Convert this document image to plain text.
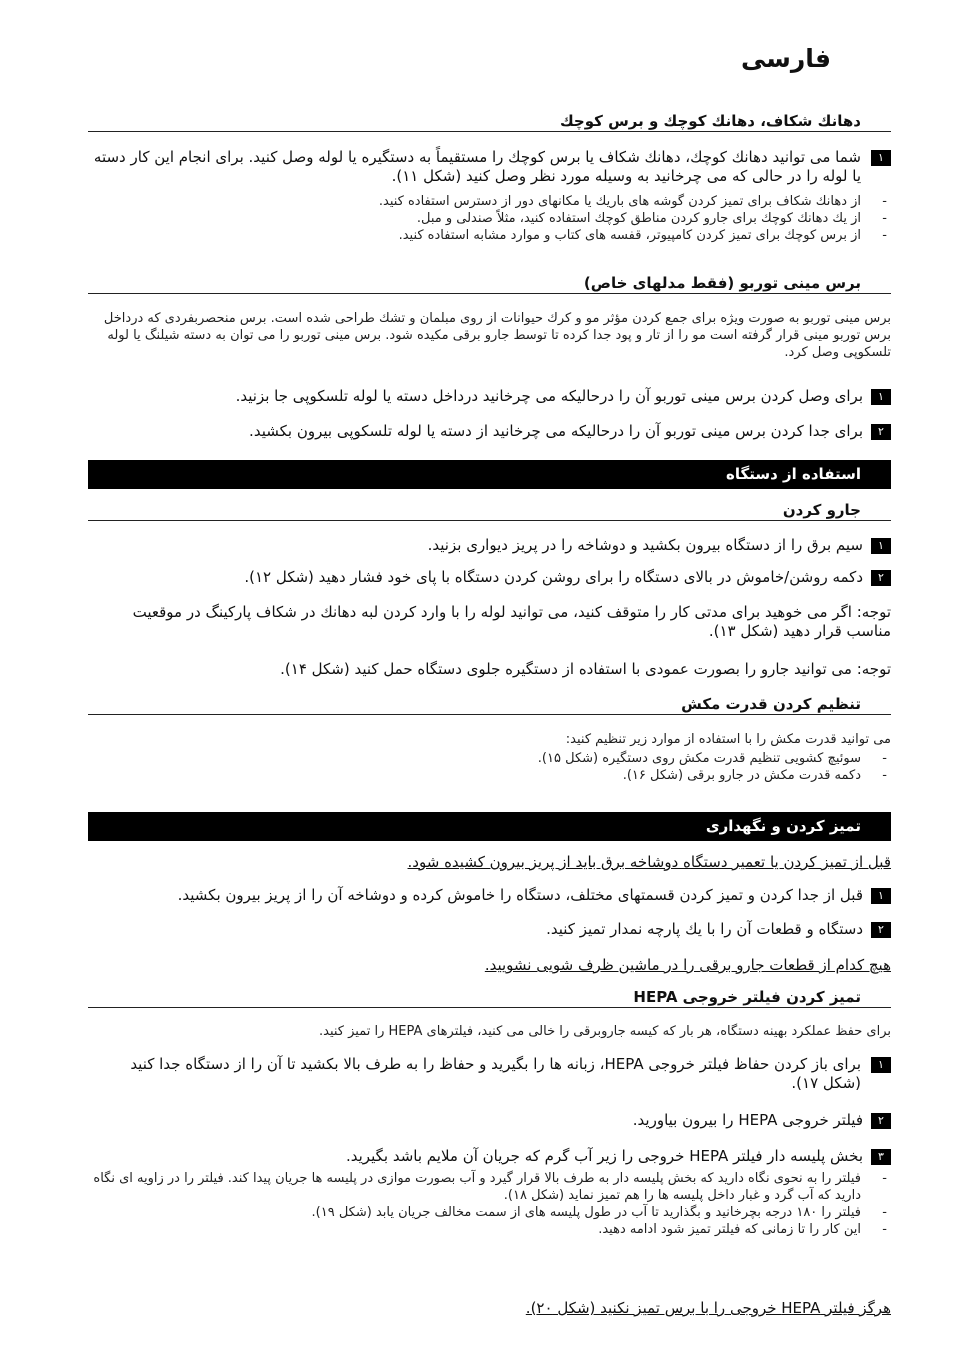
فارسی
دهانك شكاف، دهانك كوچك و برس كوچك
۱
شما می توانید دهانك كوچك، دهانك شكاف یا برس كوچك را مستقیماً به دستگیره یا لوله وصل كنید. برای انجام این كار دسته یا لوله را در حالی كه می چرخانید به وسیله مورد نظر وصل كنید (شكل ۱۱).
- از دهانك شكاف برای تمیز كردن گوشه های باریك یا مكانهای دور از دسترس استفاده كنید.
- از یك دهانك كوچك برای جارو كردن مناطق كوچك استفاده كنید، مثلاً صندلی و مبل.
- از برس كوچك برای تمیز كردن كامپیوتر، قفسه های كتاب و موارد مشابه استفاده كنید.
برس مینی توربو (فقط مدلهای خاص)
برس مینی توربو به صورت ویژه برای جمع كردن مؤثر مو و كرك حیوانات از روی مبلمان و تشك طراحی شده است. برس منحصربفردی كه درداخل برس توربو مینی قرار گرفته است مو را از تار و پود جدا كرده تا توسط جارو برقی مكیده شود. برس مینی توربو را می توان به دسته شیلنگ یا لوله تلسكوپی وصل كرد.
۱برای وصل كردن برس مینی توربو آن را درحالیكه می چرخانید درداخل دسته یا لوله تلسكوپی جا بزنید.
۲برای جدا كردن برس مینی توربو آن را درحالیكه می چرخانید از دسته یا لوله تلسكوپی بیرون بكشید.
استفاده از دستگاه
جارو كردن
۱سیم برق را از دستگاه بیرون بكشید و دوشاخه را در پریز دیواری بزنید.
۲دكمه روشن/خاموش در بالای دستگاه را برای روشن كردن دستگاه با پای خود فشار دهید (شكل ۱۲).
توجه: اگر می خوهید برای مدتی كار را متوقف كنید، می توانید لوله را با وارد كردن لبه دهانك در شكاف پاركینگ در موقعیت مناسب قرار دهید (شكل ۱۳).
توجه: می توانید جارو را بصورت عمودی با استفاده از دستگیره جلوی دستگاه حمل كنید (شكل ۱۴).
تنظیم كردن قدرت مكش
می توانید قدرت مكش را با استفاده از موارد زیر تنظیم كنید:
- سوئیچ كشویی تنظیم قدرت مكش روی دستگیره (شكل ۱۵).
- دكمه قدرت مكش در جارو برقی (شكل ۱۶).
تمیز كردن و نگهداری
قبل از تمیز كردن یا تعمیر دستگاه دوشاخه برق باید از پریز بیرون كشیده شود.
۱قبل از جدا كردن و تمیز كردن قسمتهای مختلف، دستگاه را خاموش كرده و دوشاخه آن را از پریز بیرون بكشید.
۲دستگاه و قطعات آن را با یك پارچه نمدار تمیز كنید.
هیچ كدام از قطعات جارو برقی را در ماشین ظرف شویی نشویید.
تمیز كردن فیلتر خروجی HEPA
برای حفظ عملكرد بهینه دستگاه، هر بار كه كیسه جاروبرقی را خالی می كنید، فیلترهای HEPA را تمیز كنید.
۱
برای باز كردن حفاظ فیلتر خروجی HEPA، زبانه ها را بگیرید و حفاظ را به طرف بالا بكشید تا آن را از دستگاه جدا كنید (شكل ۱۷).
۲فیلتر خروجی HEPA را بیرون بیاورید.
۳بخش پلیسه دار فیلتر HEPA خروجی را زیر آب گرم كه جریان آن ملایم باشد بگیرید.
- فیلتر را به نحوی نگاه دارید كه بخش پلیسه دار به طرف بالا قرار گیرد و آب بصورت موازی در پلیسه ها جریان پیدا كند. فیلتر را در زاویه ای نگاه دارید كه آب گرد و غبار داخل پلیسه ها را هم تمیز نماید (شكل ۱۸).
- فیلتر را ۱۸۰ درجه بچرخانید و بگذارید تا آب در طول پلیسه های از سمت مخالف جریان یابد (شكل ۱۹).
- این كار را تا زمانی كه فیلتر تمیز شود ادامه دهید.
هرگز فیلتر HEPA خروجی را با برس تمیز نكنید (شكل ۲۰).
